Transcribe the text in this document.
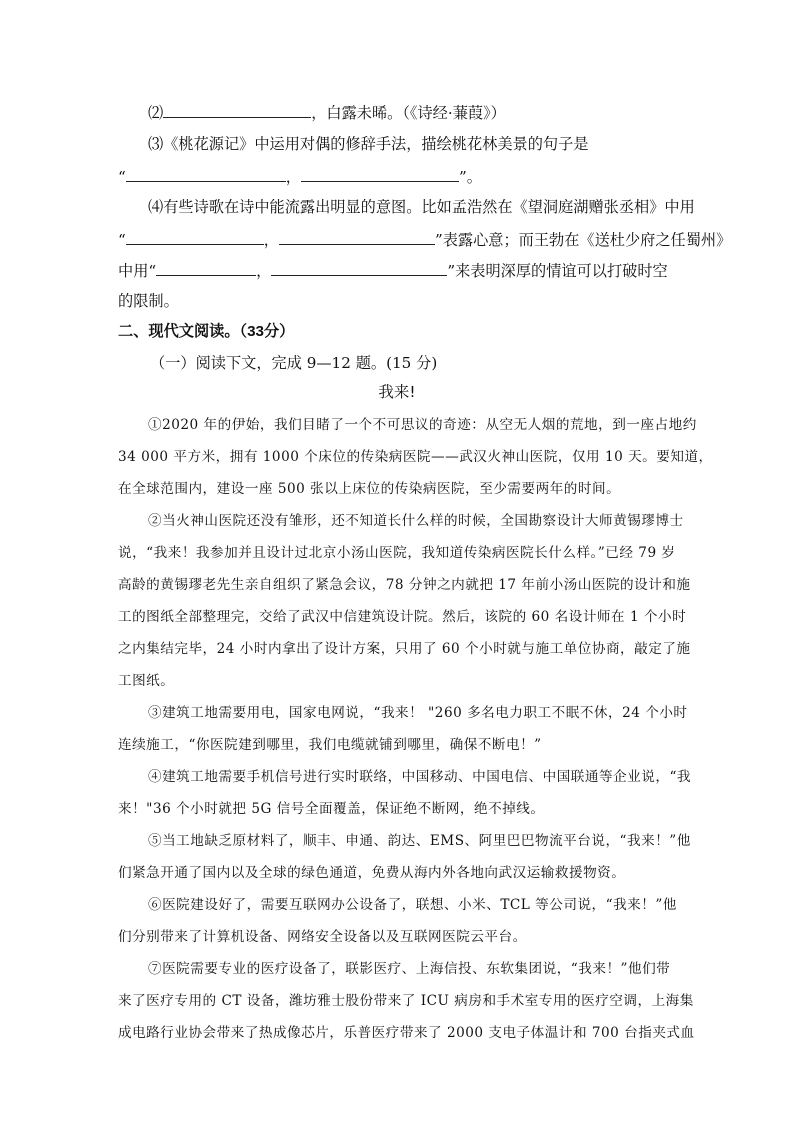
⑵	，白露未晞。（《诗经·蒹葭》）
⑶《桃花源记》中运用对偶的修辞手法，描绘桃花林美景的句子是
“	，	”。
⑷有些诗歌在诗中能流露出明显的意图。比如孟浩然在《望洞庭湖赠张丞相》中用
“	，	”表露心意；而王勃在《送杜少府之任蜀州》
中用“	，	”来表明深厚的情谊可以打破时空
的限制。
二、现代文阅读。（33分）
（一）阅读下文，完成 9—12 题。(15 分)
我来!
①2020 年的伊始，我们目睹了一个不可思议的奇迹：从空无人烟的荒地，到一座占地约
34 000 平方米，拥有 1000 个床位的传染病医院——武汉火神山医院，仅用 10 天。要知道，
在全球范围内，建设一座 500 张以上床位的传染病医院，至少需要两年的时间。
②当火神山医院还没有雏形，还不知道长什么样的时候，全国勘察设计大师黄锡璆博士
说，“我来！我参加并且设计过北京小汤山医院，我知道传染病医院长什么样。”已经 79 岁
高龄的黄锡璆老先生亲自组织了紧急会议，78 分钟之内就把 17 年前小汤山医院的设计和施
工的图纸全部整理完，交给了武汉中信建筑设计院。然后，该院的 60 名设计师在 1 个小时
之内集结完毕，24 小时内拿出了设计方案，只用了 60 个小时就与施工单位协商，敲定了施
工图纸。
③建筑工地需要用电，国家电网说，“我来！ "260 多名电力职工不眠不休，24 个小时
连续施工，“你医院建到哪里，我们电缆就铺到哪里，确保不断电！”
④建筑工地需要手机信号进行实时联络，中国移动、中国电信、中国联通等企业说，“我
来！"36 个小时就把 5G 信号全面覆盖，保证绝不断网，绝不掉线。
⑤当工地缺乏原材料了，顺丰、申通、韵达、EMS、阿里巴巴物流平台说，“我来！”他
们紧急开通了国内以及全球的绿色通道，免费从海内外各地向武汉运输救援物资。
⑥医院建设好了，需要互联网办公设备了，联想、小米、TCL 等公司说，“我来！”他
们分别带来了计算机设备、网络安全设备以及互联网医院云平台。
⑦医院需要专业的医疗设备了，联影医疗、上海信投、东软集团说，“我来！”他们带
来了医疗专用的 CT 设备，潍坊雅士股份带来了 ICU 病房和手术室专用的医疗空调，上海集
成电路行业协会带来了热成像芯片，乐普医疗带来了 2000 支电子体温计和 700 台指夹式血
